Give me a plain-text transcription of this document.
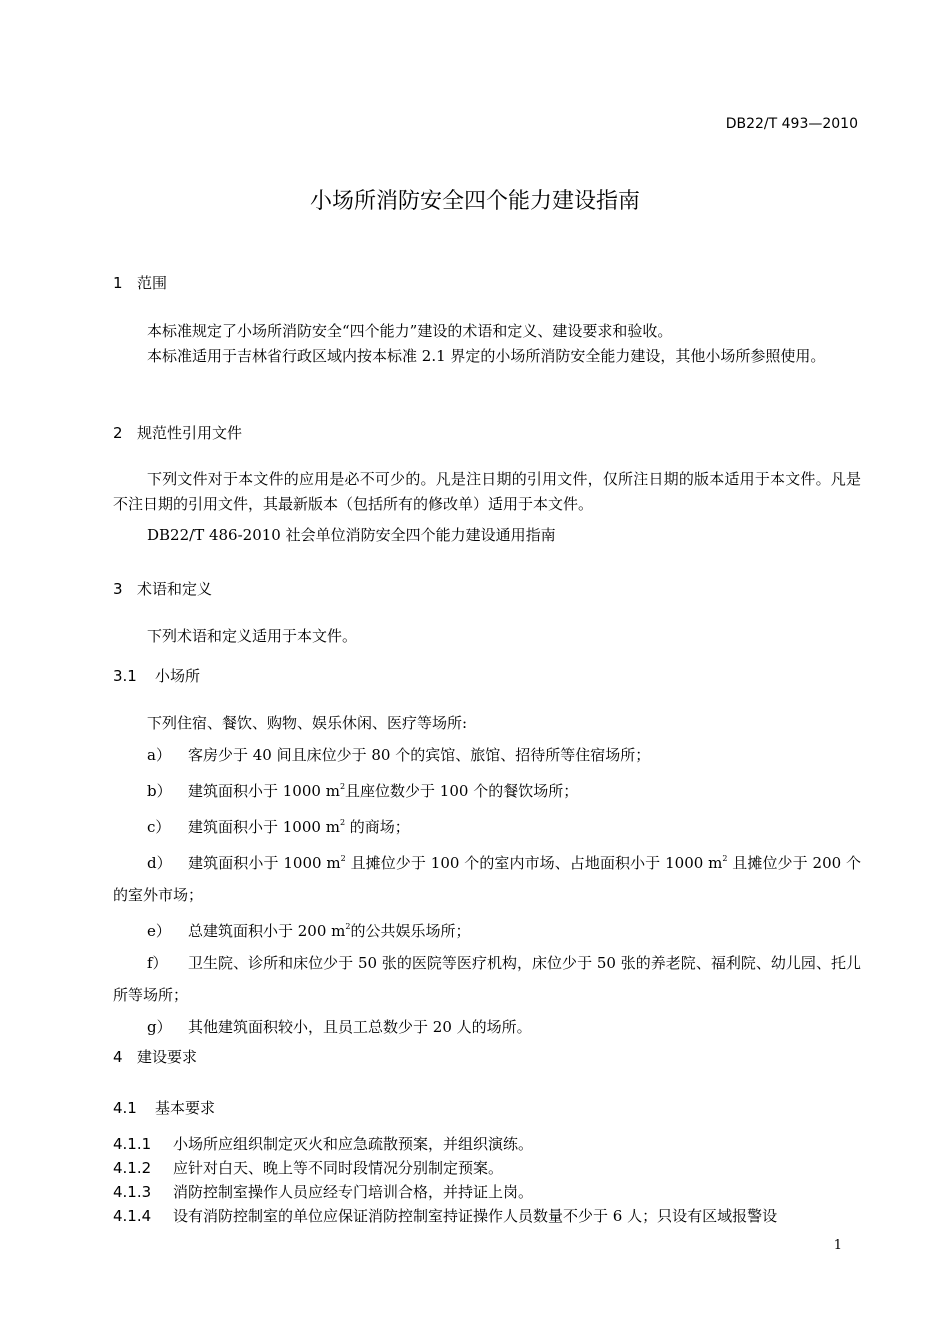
DB22/T 493—2010
小场所消防安全四个能力建设指南
1 范围

本标准规定了小场所消防安全“四个能力”建设的术语和定义、建设要求和验收。

本标准适用于吉林省行政区域内按本标准 2.1 界定的小场所消防安全能力建设，其他小场所参照使用。

2 规范性引用文件

下列文件对于本文件的应用是必不可少的。凡是注日期的引用文件，仅所注日期的版本适用于本文件。凡是不注日期的引用文件，其最新版本（包括所有的修改单）适用于本文件。

DB22/T 486-2010 社会单位消防安全四个能力建设通用指南

3 术语和定义

下列术语和定义适用于本文件。

3.1 小场所

下列住宿、餐饮、购物、娱乐休闲、医疗等场所:

a） 客房少于 40 间且床位少于 80 个的宾馆、旅馆、招待所等住宿场所；

b） 建筑面积小于 1000 $m^2$且座位数少于 100 个的餐饮场所；

c） 建筑面积小于 1000 $m^2$ 的商场；

d） 建筑面积小于 1000 $m^2$ 且摊位少于 100 个的室内市场、占地面积小于 1000 $m^2$ 且摊位少于 200 个的室外市场；

e） 总建筑面积小于 200 $m^2$的公共娱乐场所；

f） 卫生院、诊所和床位少于 50 张的医院等医疗机构，床位少于 50 张的养老院、福利院、幼儿园、托儿所等场所；

g） 其他建筑面积较小，且员工总数少于 20 人的场所。

4 建设要求
4.1 基本要求

4.1.1 小场所应组织制定灭火和应急疏散预案，并组织演练。

4.1.2 应针对白天、晚上等不同时段情况分别制定预案。

4.1.3 消防控制室操作人员应经专门培训合格，并持证上岗。

4.1.4 设有消防控制室的单位应保证消防控制室持证操作人员数量不少于 6 人；只设有区域报警设

1
